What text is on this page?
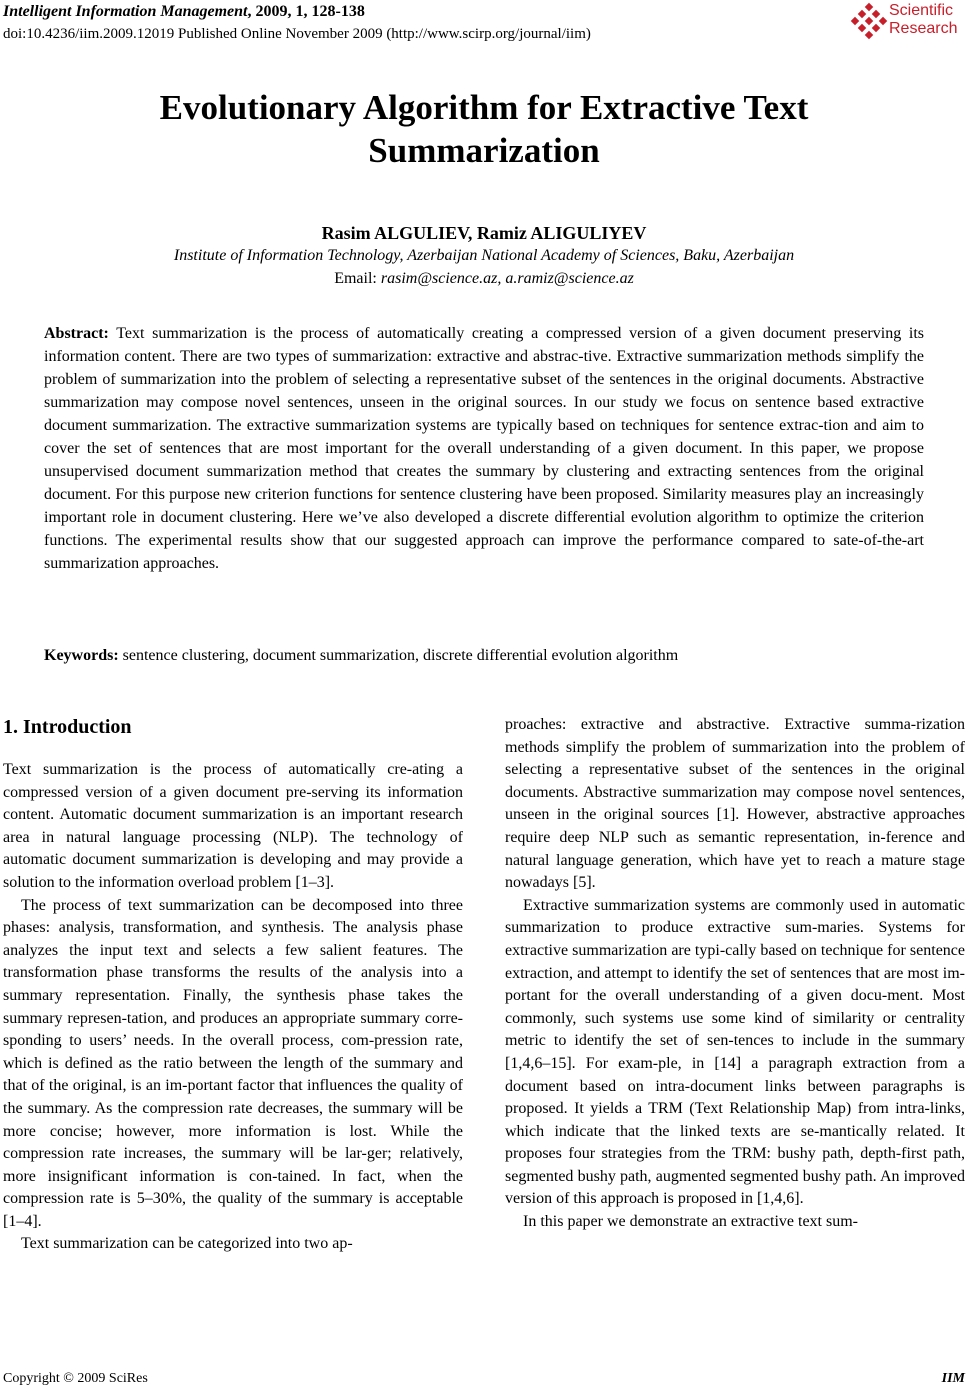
Intelligent Information Management, 2009, 1, 128-138
doi:10.4236/iim.2009.12019 Published Online November 2009 (http://www.scirp.org/journal/iim)
Scientific
Research
Evolutionary Algorithm for Extractive Text
Summarization
Rasim ALGULIEV, Ramiz ALIGULIYEV
Institute of Information Technology, Azerbaijan National Academy of Sciences, Baku, Azerbaijan
Email: rasim@science.az, a.ramiz@science.az

Abstract: Text summarization is the process of automatically creating a compressed version of a given document preserving its information content. There are two types of summarization: extractive and abstrac-tive. Extractive summarization methods simplify the problem of summarization into the problem of selecting a representative subset of the sentences in the original documents. Abstractive summarization may compose novel sentences, unseen in the original sources. In our study we focus on sentence based extractive document summarization. The extractive summarization systems are typically based on techniques for sentence extrac-tion and aim to cover the set of sentences that are most important for the overall understanding of a given document. In this paper, we propose unsupervised document summarization method that creates the summary by clustering and extracting sentences from the original document. For this purpose new criterion functions for sentence clustering have been proposed. Similarity measures play an increasingly important role in document clustering. Here we’ve also developed a discrete differential evolution algorithm to optimize the criterion functions. The experimental results show that our suggested approach can improve the performance compared to sate-of-the-art summarization approaches.

Keywords: sentence clustering, document summarization, discrete differential evolution algorithm

1. Introduction

Text summarization is the process of automatically cre-ating a compressed version of a given document pre-serving its information content. Automatic document summarization is an important research area in natural language processing (NLP). The technology of automatic document summarization is developing and may provide a solution to the information overload problem [1–3].

The process of text summarization can be decomposed into three phases: analysis, transformation, and synthesis. The analysis phase analyzes the input text and selects a few salient features. The transformation phase transforms the results of the analysis into a summary representation. Finally, the synthesis phase takes the summary represen-tation, and produces an appropriate summary corre-sponding to users’ needs. In the overall process, com-pression rate, which is defined as the ratio between the length of the summary and that of the original, is an im-portant factor that influences the quality of the summary. As the compression rate decreases, the summary will be more concise; however, more information is lost. While the compression rate increases, the summary will be lar-ger; relatively, more insignificant information is con-tained. In fact, when the compression rate is 5–30%, the quality of the summary is acceptable [1–4].

Text summarization can be categorized into two ap-

proaches: extractive and abstractive. Extractive summa-rization methods simplify the problem of summarization into the problem of selecting a representative subset of the sentences in the original documents. Abstractive summarization may compose novel sentences, unseen in the original sources [1]. However, abstractive approaches require deep NLP such as semantic representation, in-ference and natural language generation, which have yet to reach a mature stage nowadays [5].

Extractive summarization systems are commonly used in automatic summarization to produce extractive sum-maries. Systems for extractive summarization are typi-cally based on technique for sentence extraction, and attempt to identify the set of sentences that are most im-portant for the overall understanding of a given docu-ment. Most commonly, such systems use some kind of similarity or centrality metric to identify the set of sen-tences to include in the summary [1,4,6–15]. For exam-ple, in [14] a paragraph extraction from a document based on intra-document links between paragraphs is proposed. It yields a TRM (Text Relationship Map) from intra-links, which indicate that the linked texts are se-mantically related. It proposes four strategies from the TRM: bushy path, depth-first path, segmented bushy path, augmented segmented bushy path. An improved version of this approach is proposed in [1,4,6].

In this paper we demonstrate an extractive text sum-

Copyright © 2009 SciRes	IIM
